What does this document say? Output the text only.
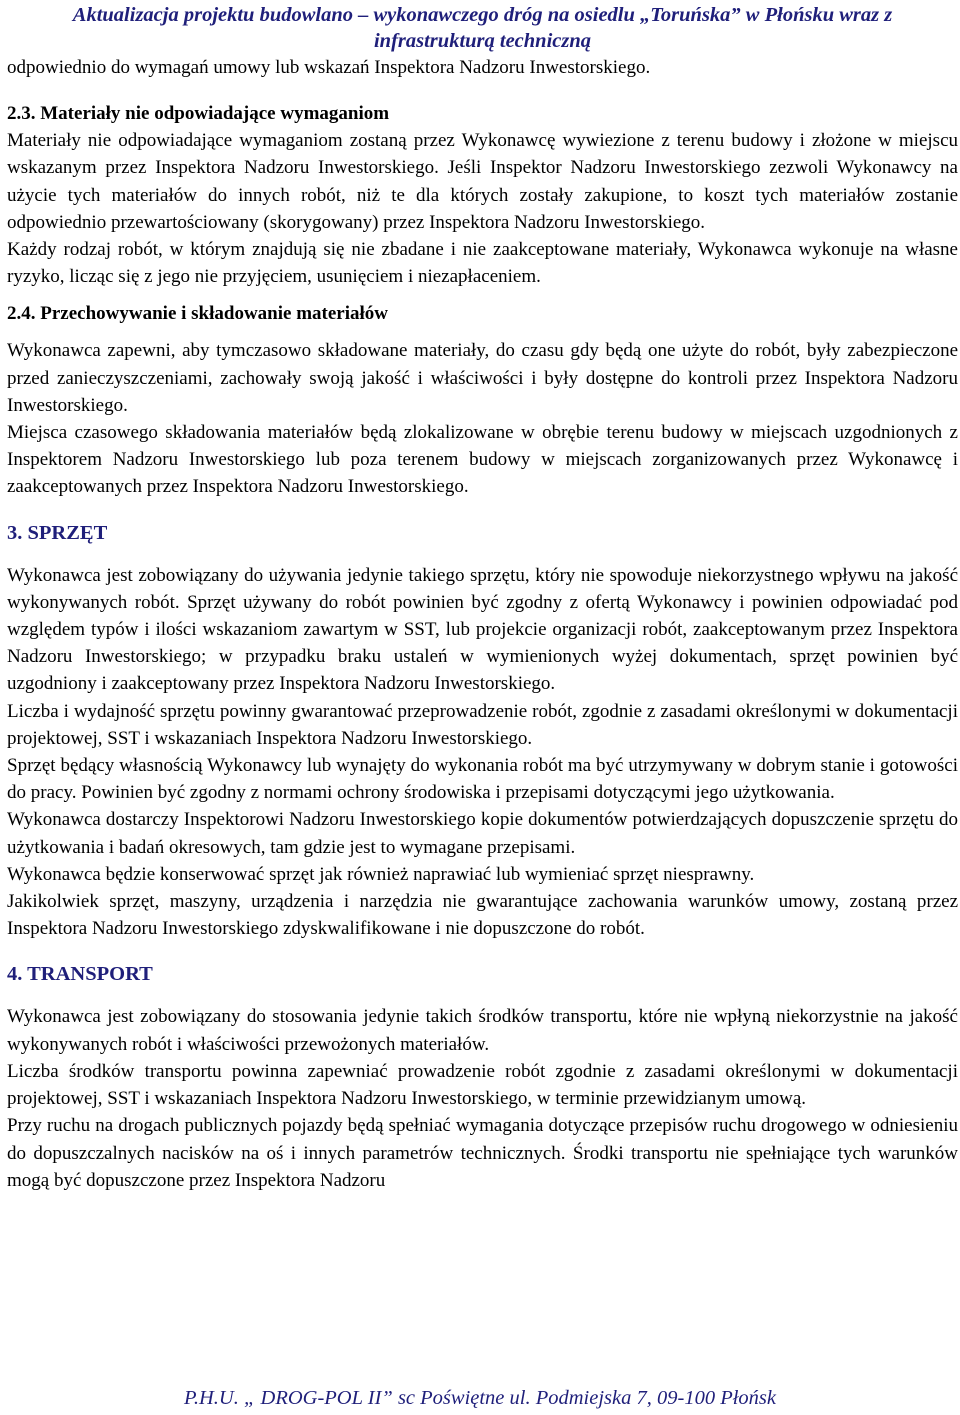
Aktualizacja projektu budowlano – wykonawczego dróg na osiedlu „Toruńska” w Płońsku wraz z
infrastrukturą techniczną

odpowiednio do wymagań umowy lub wskazań Inspektora Nadzoru Inwestorskiego.

2.3. Materiały nie odpowiadające wymaganiom

Materiały nie odpowiadające wymaganiom zostaną przez Wykonawcę wywiezione z terenu budowy i złożone w miejscu wskazanym przez Inspektora Nadzoru Inwestorskiego. Jeśli Inspektor Nadzoru Inwestorskiego zezwoli Wykonawcy na użycie tych materiałów do innych robót, niż te dla których zostały zakupione, to koszt tych materiałów zostanie odpowiednio przewartościowany (skorygowany) przez Inspektora Nadzoru Inwestorskiego.

Każdy rodzaj robót, w którym znajdują się nie zbadane i nie zaakceptowane materiały, Wykonawca wykonuje na własne ryzyko, licząc się z jego nie przyjęciem, usunięciem i niezapłaceniem.

2.4. Przechowywanie i składowanie materiałów

Wykonawca zapewni, aby tymczasowo składowane materiały, do czasu gdy będą one użyte do robót, były zabezpieczone przed zanieczyszczeniami, zachowały swoją jakość i właściwości i były dostępne do kontroli przez Inspektora Nadzoru Inwestorskiego.

Miejsca czasowego składowania materiałów będą zlokalizowane w obrębie terenu budowy w miejscach uzgodnionych z Inspektorem Nadzoru Inwestorskiego lub poza terenem budowy w miejscach zorganizowanych przez Wykonawcę i zaakceptowanych przez Inspektora Nadzoru Inwestorskiego.

3. SPRZĘT

Wykonawca jest zobowiązany do używania jedynie takiego sprzętu, który nie spowoduje niekorzystnego wpływu na jakość wykonywanych robót. Sprzęt używany do robót powinien być zgodny z ofertą Wykonawcy i powinien odpowiadać pod względem typów i ilości wskazaniom zawartym w SST, lub projekcie organizacji robót, zaakceptowanym przez Inspektora Nadzoru Inwestorskiego; w przypadku braku ustaleń w wymienionych wyżej dokumentach, sprzęt powinien być uzgodniony i zaakceptowany przez Inspektora Nadzoru Inwestorskiego.

Liczba i wydajność sprzętu powinny gwarantować przeprowadzenie robót, zgodnie z zasadami określonymi w dokumentacji projektowej, SST i wskazaniach Inspektora Nadzoru Inwestorskiego.

Sprzęt będący własnością Wykonawcy lub wynajęty do wykonania robót ma być utrzymywany w dobrym stanie i gotowości do pracy. Powinien być zgodny z normami ochrony środowiska i przepisami dotyczącymi jego użytkowania.

Wykonawca dostarczy Inspektorowi Nadzoru Inwestorskiego kopie dokumentów potwierdzających dopuszczenie sprzętu do użytkowania i badań okresowych, tam gdzie jest to wymagane przepisami.

Wykonawca będzie konserwować sprzęt jak również naprawiać lub wymieniać sprzęt niesprawny.

Jakikolwiek sprzęt, maszyny, urządzenia i narzędzia nie gwarantujące zachowania warunków umowy, zostaną przez Inspektora Nadzoru Inwestorskiego zdyskwalifikowane i nie dopuszczone do robót.

4. TRANSPORT

Wykonawca jest zobowiązany do stosowania jedynie takich środków transportu, które nie wpłyną niekorzystnie na jakość wykonywanych robót i właściwości przewożonych materiałów.

Liczba środków transportu powinna zapewniać prowadzenie robót zgodnie z zasadami określonymi w dokumentacji projektowej, SST i wskazaniach Inspektora Nadzoru Inwestorskiego, w terminie przewidzianym umową.

Przy ruchu na drogach publicznych pojazdy będą spełniać wymagania dotyczące przepisów ruchu drogowego w odniesieniu do dopuszczalnych nacisków na oś i innych parametrów technicznych. Środki transportu nie spełniające tych warunków mogą być dopuszczone przez Inspektora Nadzoru

P.H.U. „ DROG-POL II” sc Poświętne ul. Podmiejska 7, 09-100 Płońsk
